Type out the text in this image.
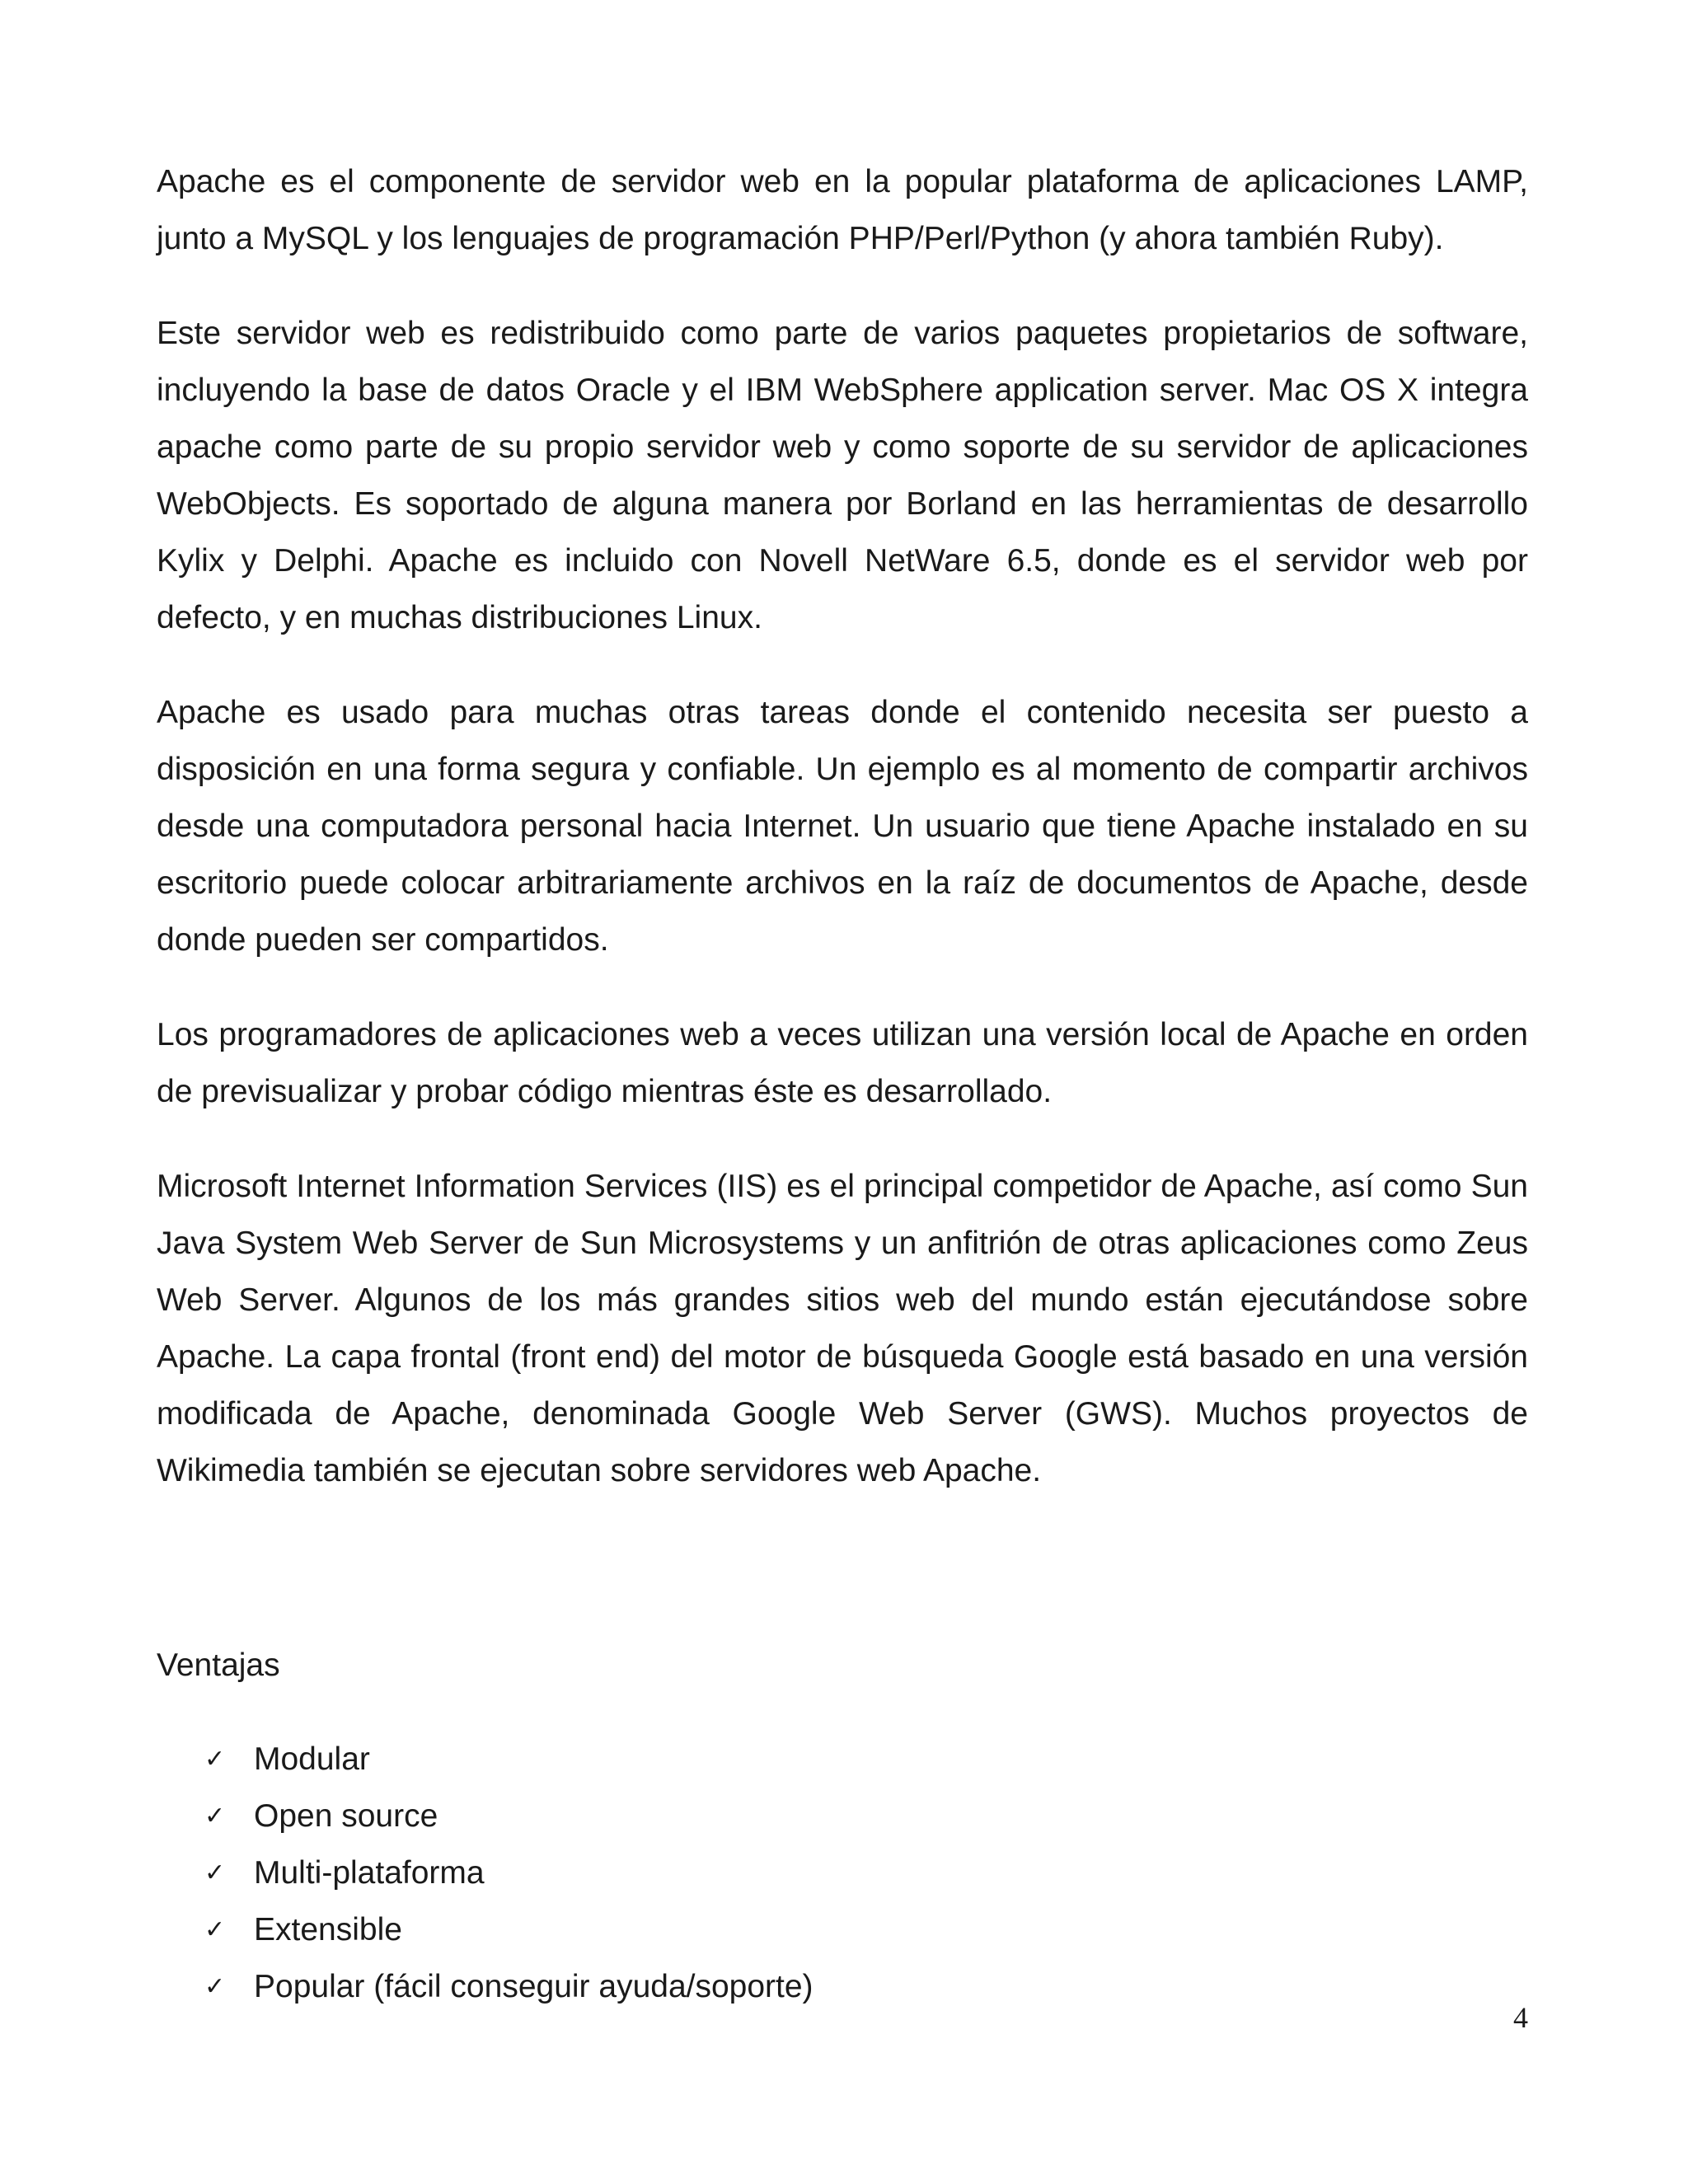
Apache es el componente de servidor web en la popular plataforma de aplicaciones LAMP, junto a MySQL y los lenguajes de programación PHP/Perl/Python (y ahora también Ruby).

Este servidor web es redistribuido como parte de varios paquetes propietarios de software, incluyendo la base de datos Oracle y el IBM WebSphere application server. Mac OS X integra apache como parte de su propio servidor web y como soporte de su servidor de aplicaciones WebObjects. Es soportado de alguna manera por Borland en las herramientas de desarrollo Kylix y Delphi. Apache es incluido con Novell NetWare 6.5, donde es el servidor web por defecto, y en muchas distribuciones Linux.

Apache es usado para muchas otras tareas donde el contenido necesita ser puesto a disposición en una forma segura y confiable. Un ejemplo es al momento de compartir archivos desde una computadora personal hacia Internet. Un usuario que tiene Apache instalado en su escritorio puede colocar arbitrariamente archivos en la raíz de documentos de Apache, desde donde pueden ser compartidos.

Los programadores de aplicaciones web a veces utilizan una versión local de Apache en orden de previsualizar y probar código mientras éste es desarrollado.

Microsoft Internet Information Services (IIS) es el principal competidor de Apache, así como Sun Java System Web Server de Sun Microsystems y un anfitrión de otras aplicaciones como Zeus Web Server. Algunos de los más grandes sitios web del mundo están ejecutándose sobre Apache. La capa frontal (front end) del motor de búsqueda Google está basado en una versión modificada de Apache, denominada Google Web Server (GWS). Muchos proyectos de Wikimedia también se ejecutan sobre servidores web Apache.

Ventajas
✓ Modular
✓ Open source
✓ Multi-plataforma
✓ Extensible
✓ Popular (fácil conseguir ayuda/soporte)
4
